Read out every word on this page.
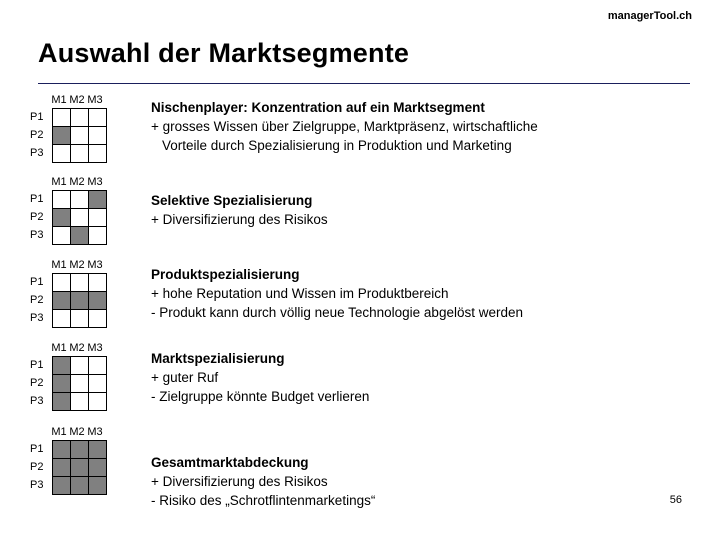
managerTool.ch
Auswahl der Marktsegmente
M1 M2 M3
P1
P2
P3

Nischenplayer: Konzentration auf ein Marktsegment
+ grosses Wissen über Zielgruppe, Marktpräsenz, wirtschaftliche
Vorteile durch Spezialisierung in Produktion und Marketing
M1 M2 M3
P1
P2
P3

Selektive Spezialisierung
+ Diversifizierung des Risikos
M1 M2 M3
P1
P2
P3

Produktspezialisierung
+ hohe Reputation und Wissen im Produktbereich
- Produkt kann durch völlig neue Technologie abgelöst werden
M1 M2 M3
P1
P2
P3

Marktspezialisierung
+ guter Ruf
- Zielgruppe könnte Budget verlieren
M1 M2 M3
P1
P2
P3

Gesamtmarktabdeckung
+ Diversifizierung des Risikos
- Risiko des „Schrotflintenmarketings“	56
